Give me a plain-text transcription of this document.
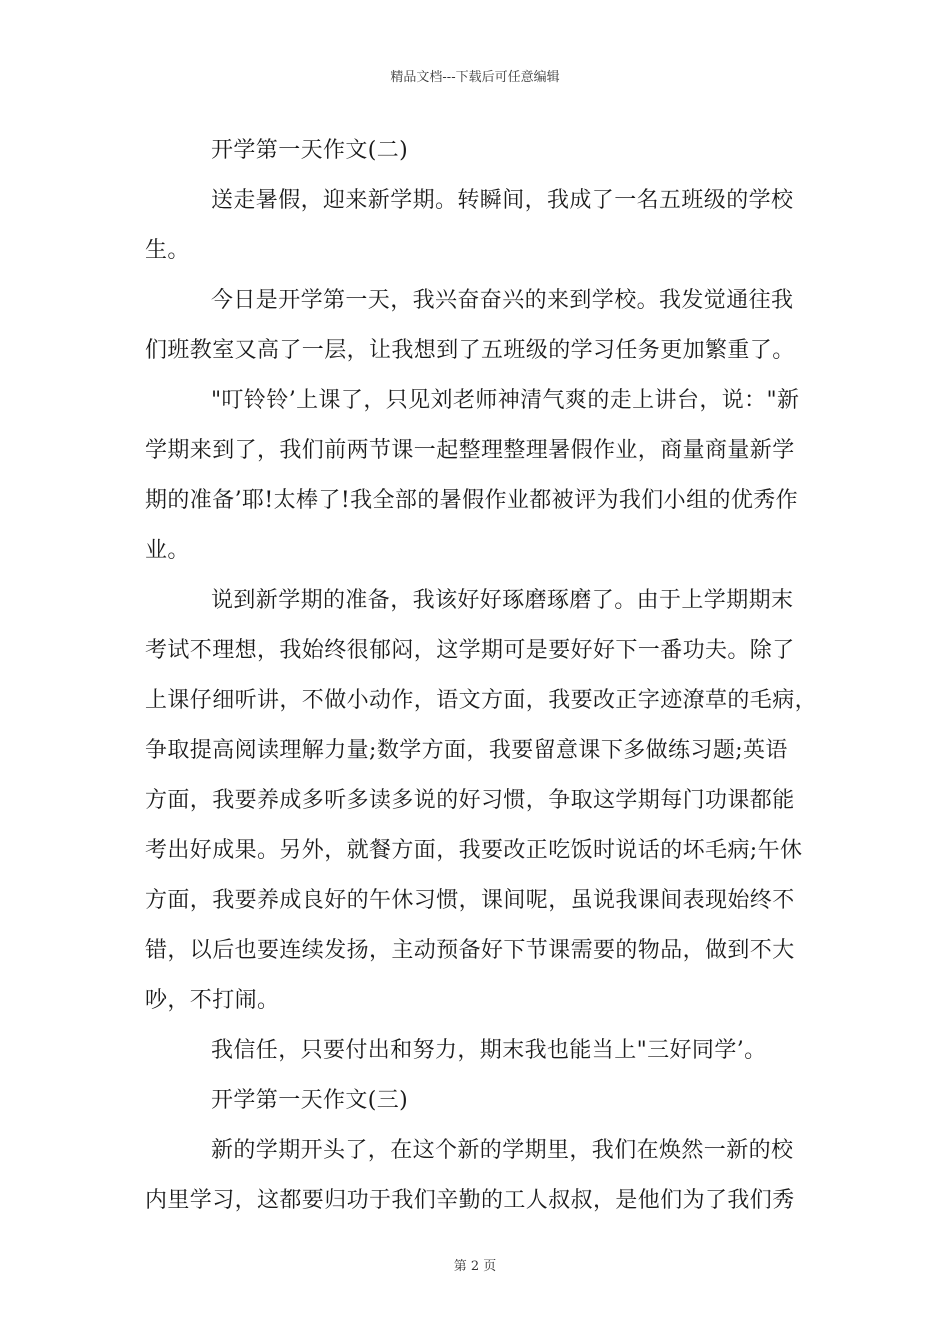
精品文档---下载后可任意编辑
开学第一天作文(二)
送走暑假，迎来新学期。转瞬间，我成了一名五班级的学校
生。
今日是开学第一天，我兴奋奋兴的来到学校。我发觉通往我
们班教室又高了一层，让我想到了五班级的学习任务更加繁重了。
"叮铃铃’上课了，只见刘老师神清气爽的走上讲台，说："新
学期来到了，我们前两节课一起整理整理暑假作业，商量商量新学
期的准备’耶!太棒了!我全部的暑假作业都被评为我们小组的优秀作
业。
说到新学期的准备，我该好好琢磨琢磨了。由于上学期期末
考试不理想，我始终很郁闷，这学期可是要好好下一番功夫。除了
上课仔细听讲，不做小动作，语文方面，我要改正字迹潦草的毛病，
争取提高阅读理解力量;数学方面，我要留意课下多做练习题;英语
方面，我要养成多听多读多说的好习惯，争取这学期每门功课都能
考出好成果。另外，就餐方面，我要改正吃饭时说话的坏毛病;午休
方面，我要养成良好的午休习惯，课间呢，虽说我课间表现始终不
错，以后也要连续发扬，主动预备好下节课需要的物品，做到不大
吵，不打闹。
我信任，只要付出和努力，期末我也能当上"三好同学’。
开学第一天作文(三)
新的学期开头了，在这个新的学期里，我们在焕然一新的校
内里学习，这都要归功于我们辛勤的工人叔叔，是他们为了我们秀
第 2 页
